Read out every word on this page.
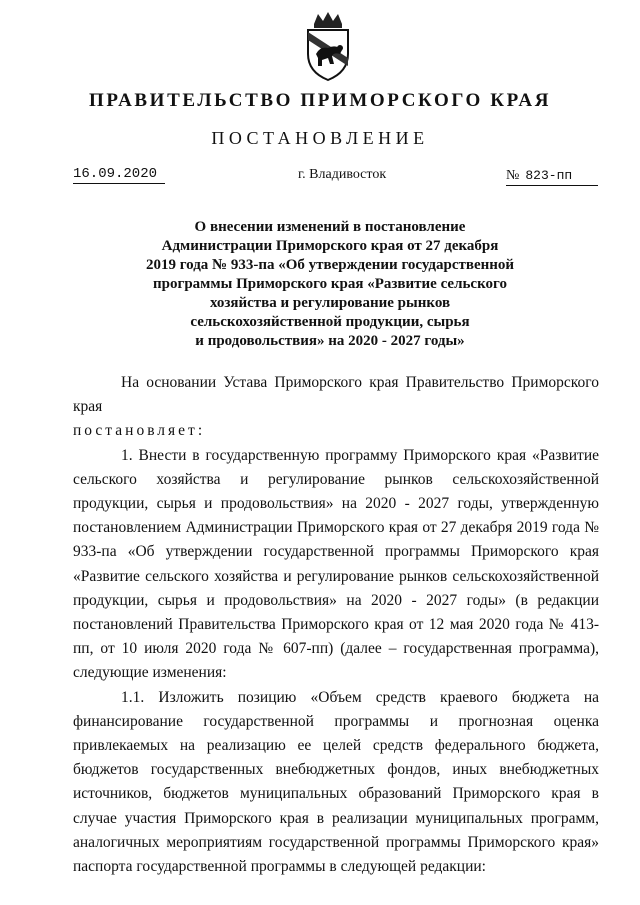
ПРАВИТЕЛЬСТВО ПРИМОРСКОГО КРАЯ
ПОСТАНОВЛЕНИЕ
16.09.2020	г. Владивосток	№ 823-пп
О внесении изменений в постановление
Администрации Приморского края от 27 декабря
2019 года № 933-па «Об утверждении государственной
программы Приморского края «Развитие сельского
хозяйства и регулирование рынков
сельскохозяйственной продукции, сырья
и продовольствия» на 2020 - 2027 годы»

На основании Устава Приморского края Правительство Приморского края

постановляет:

1. Внести в государственную программу Приморского края «Развитие сельского хозяйства и регулирование рынков сельскохозяйственной продукции, сырья и продовольствия» на 2020 - 2027 годы, утвержденную постановлением Администрации Приморского края от 27 декабря 2019 года № 933-па «Об утверждении государственной программы Приморского края «Развитие сельского хозяйства и регулирование рынков сельскохозяйственной продукции, сырья и продовольствия» на 2020 - 2027 годы» (в редакции постановлений Правительства Приморского края от 12 мая 2020 года № 413-пп, от 10 июля 2020 года № 607-пп) (далее – государственная программа), следующие изменения:

1.1. Изложить позицию «Объем средств краевого бюджета на финансирование государственной программы и прогнозная оценка привлекаемых на реализацию ее целей средств федерального бюджета, бюджетов государственных внебюджетных фондов, иных внебюджетных источников, бюджетов муниципальных образований Приморского края в случае участия Приморского края в реализации муниципальных программ, аналогичных мероприятиям государственной программы Приморского края» паспорта государственной программы в следующей редакции:
